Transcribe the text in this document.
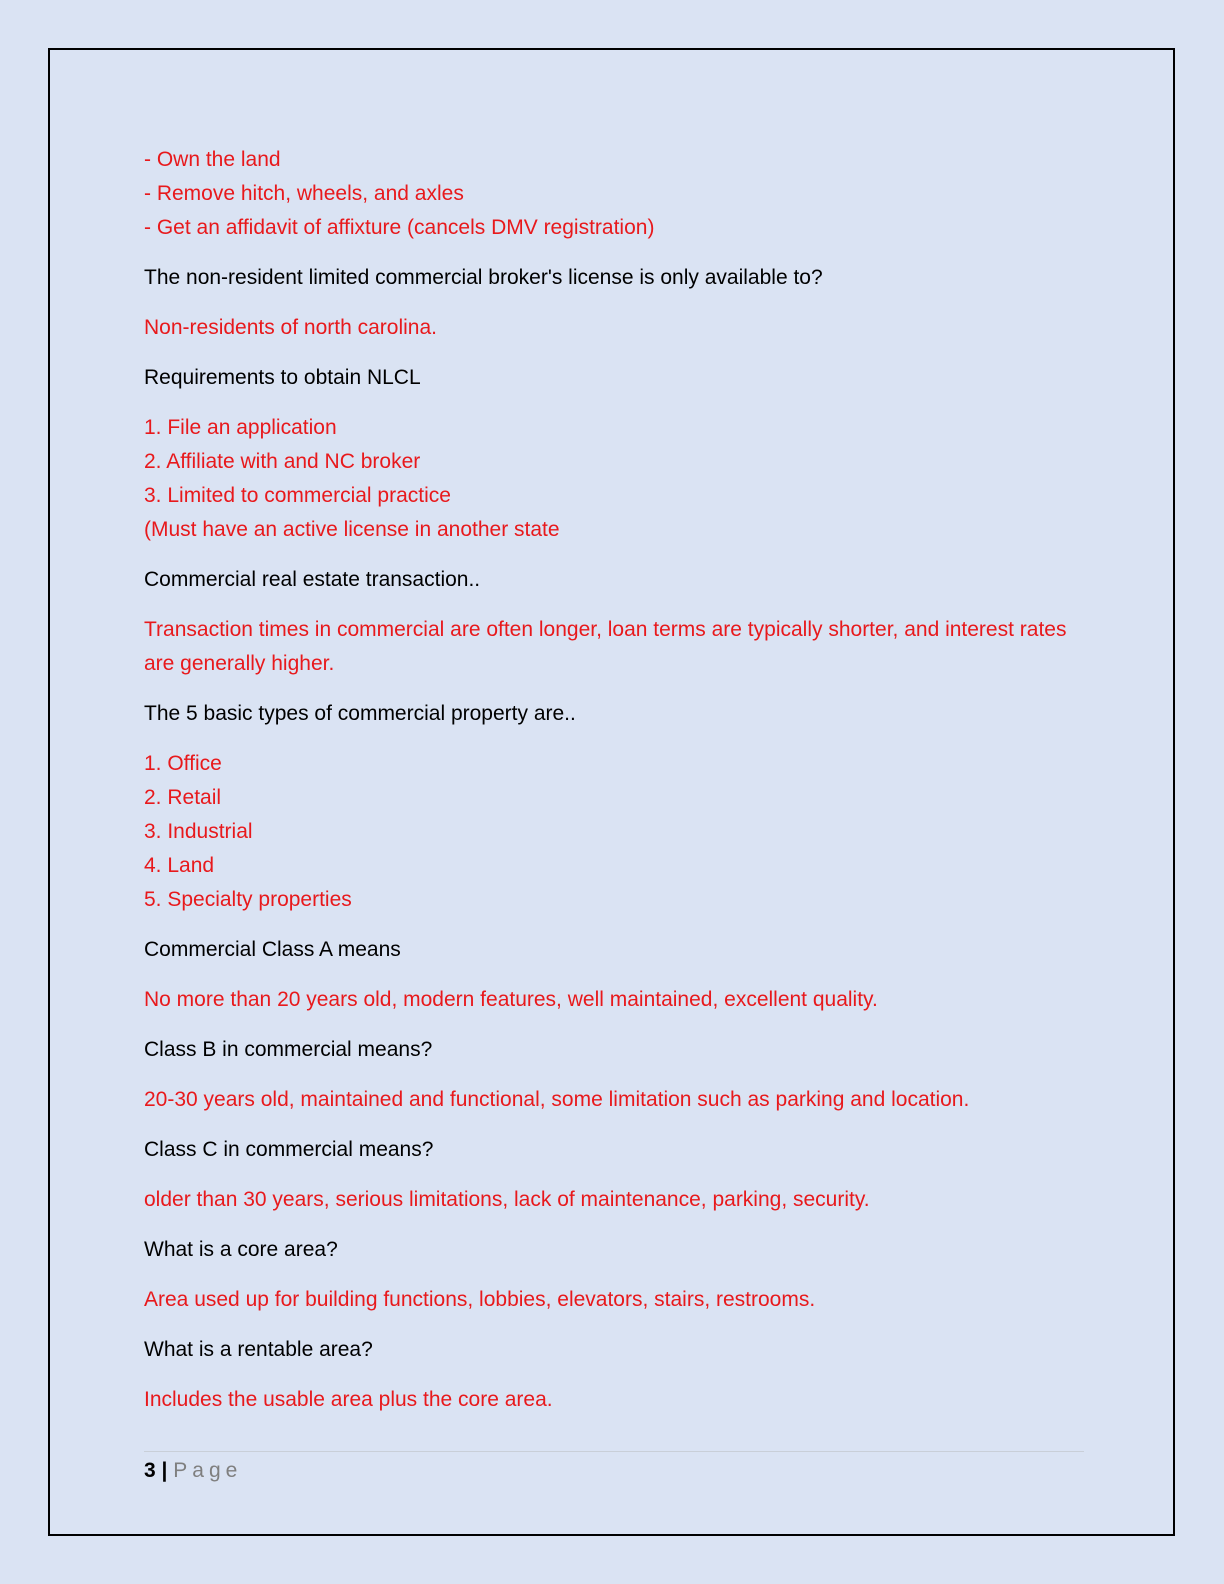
- Own the land
- Remove hitch, wheels, and axles
- Get an affidavit of affixture (cancels DMV registration)

The non-resident limited commercial broker's license is only available to?

Non-residents of north carolina.

Requirements to obtain NLCL

1. File an application
2. Affiliate with and NC broker
3. Limited to commercial practice
(Must have an active license in another state

Commercial real estate transaction..

Transaction times in commercial are often longer, loan terms are typically shorter, and interest rates are generally higher.

The 5 basic types of commercial property are..

1. Office
2. Retail
3. Industrial
4. Land
5. Specialty properties

Commercial Class A means

No more than 20 years old, modern features, well maintained, excellent quality.

Class B in commercial means?

20-30 years old, maintained and functional, some limitation such as parking and location.

Class C in commercial means?

older than 30 years, serious limitations, lack of maintenance, parking, security.

What is a core area?

Area used up for building functions, lobbies, elevators, stairs, restrooms.

What is a rentable area?

Includes the usable area plus the core area.

3 | Page
